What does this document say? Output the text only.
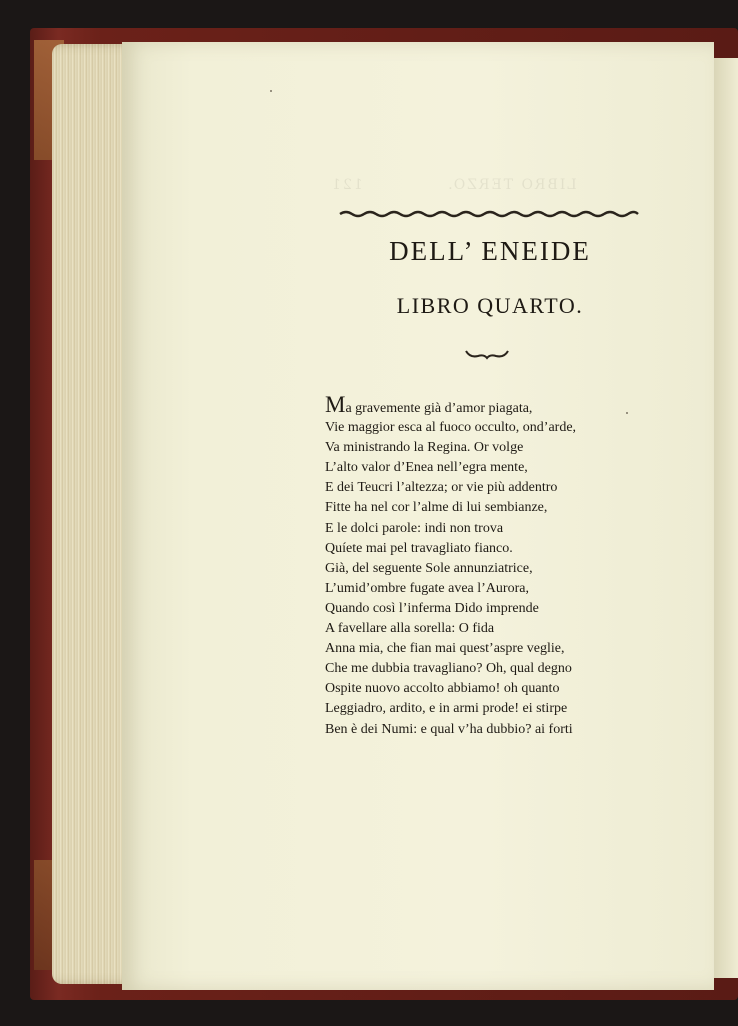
DELL’ ENEIDE
LIBRO QUARTO.
Ma gravemente già d’amor piagata,
Vie maggior esca al fuoco occulto, ond’arde,
Va ministrando la Regina. Or volge
L’alto valor d’Enea nell’egra mente,
E dei Teucri l’altezza; or vie più addentro
Fitte ha nel cor l’alme di lui sembianze,
E le dolci parole: indi non trova
Quíete mai pel travagliato fianco.
Già, del seguente Sole annunziatrice,
L’umid’ombre fugate avea l’Aurora,
Quando così l’inferma Dido imprende
A favellare alla sorella: O fida
Anna mia, che fian mai quest’aspre veglie,
Che me dubbia travagliano? Oh, qual degno
Ospite nuovo accolto abbiamo! oh quanto
Leggiadro, ardito, e in armi prode! ei stirpe
Ben è dei Numi: e qual v’ha dubbio? ai forti
